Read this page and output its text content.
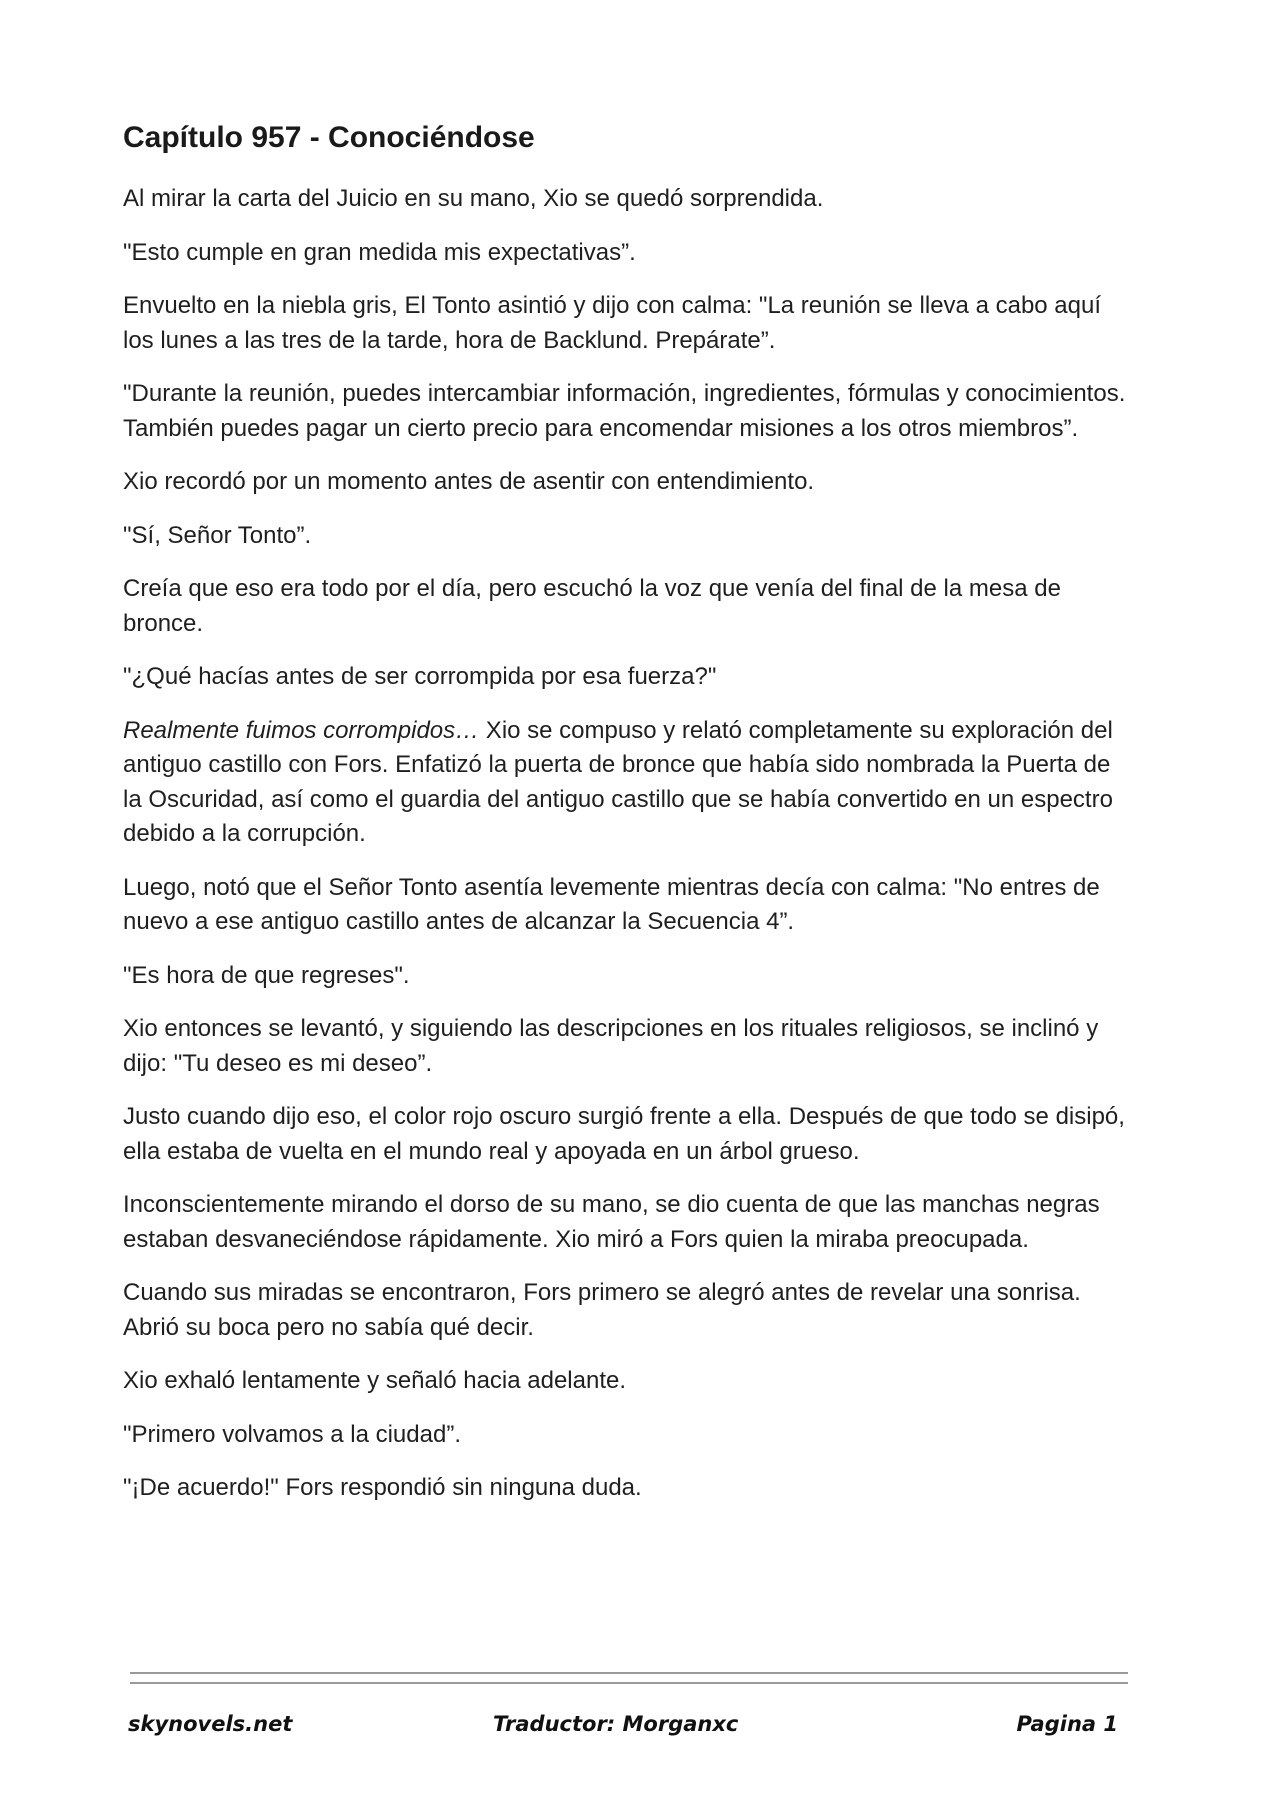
Capítulo 957 - Conociéndose

Al mirar la carta del Juicio en su mano, Xio se quedó sorprendida.

"Esto cumple en gran medida mis expectativas”.

Envuelto en la niebla gris, El Tonto asintió y dijo con calma: "La reunión se lleva a cabo aquí los lunes a las tres de la tarde, hora de Backlund. Prepárate”.

"Durante la reunión, puedes intercambiar información, ingredientes, fórmulas y conocimientos. También puedes pagar un cierto precio para encomendar misiones a los otros miembros”.

Xio recordó por un momento antes de asentir con entendimiento.

"Sí, Señor Tonto”.

Creía que eso era todo por el día, pero escuchó la voz que venía del final de la mesa de bronce.

"¿Qué hacías antes de ser corrompida por esa fuerza?"

Realmente fuimos corrompidos… Xio se compuso y relató completamente su exploración del antiguo castillo con Fors. Enfatizó la puerta de bronce que había sido nombrada la Puerta de la Oscuridad, así como el guardia del antiguo castillo que se había convertido en un espectro debido a la corrupción.

Luego, notó que el Señor Tonto asentía levemente mientras decía con calma: "No entres de nuevo a ese antiguo castillo antes de alcanzar la Secuencia 4”.

"Es hora de que regreses".

Xio entonces se levantó, y siguiendo las descripciones en los rituales religiosos, se inclinó y dijo: "Tu deseo es mi deseo”.

Justo cuando dijo eso, el color rojo oscuro surgió frente a ella. Después de que todo se disipó, ella estaba de vuelta en el mundo real y apoyada en un árbol grueso.

Inconscientemente mirando el dorso de su mano, se dio cuenta de que las manchas negras estaban desvaneciéndose rápidamente. Xio miró a Fors quien la miraba preocupada.

Cuando sus miradas se encontraron, Fors primero se alegró antes de revelar una sonrisa. Abrió su boca pero no sabía qué decir.

Xio exhaló lentamente y señaló hacia adelante.

"Primero volvamos a la ciudad”.

"¡De acuerdo!" Fors respondió sin ninguna duda.

skynovels.net	Traductor: Morganxc	Pagina 1
